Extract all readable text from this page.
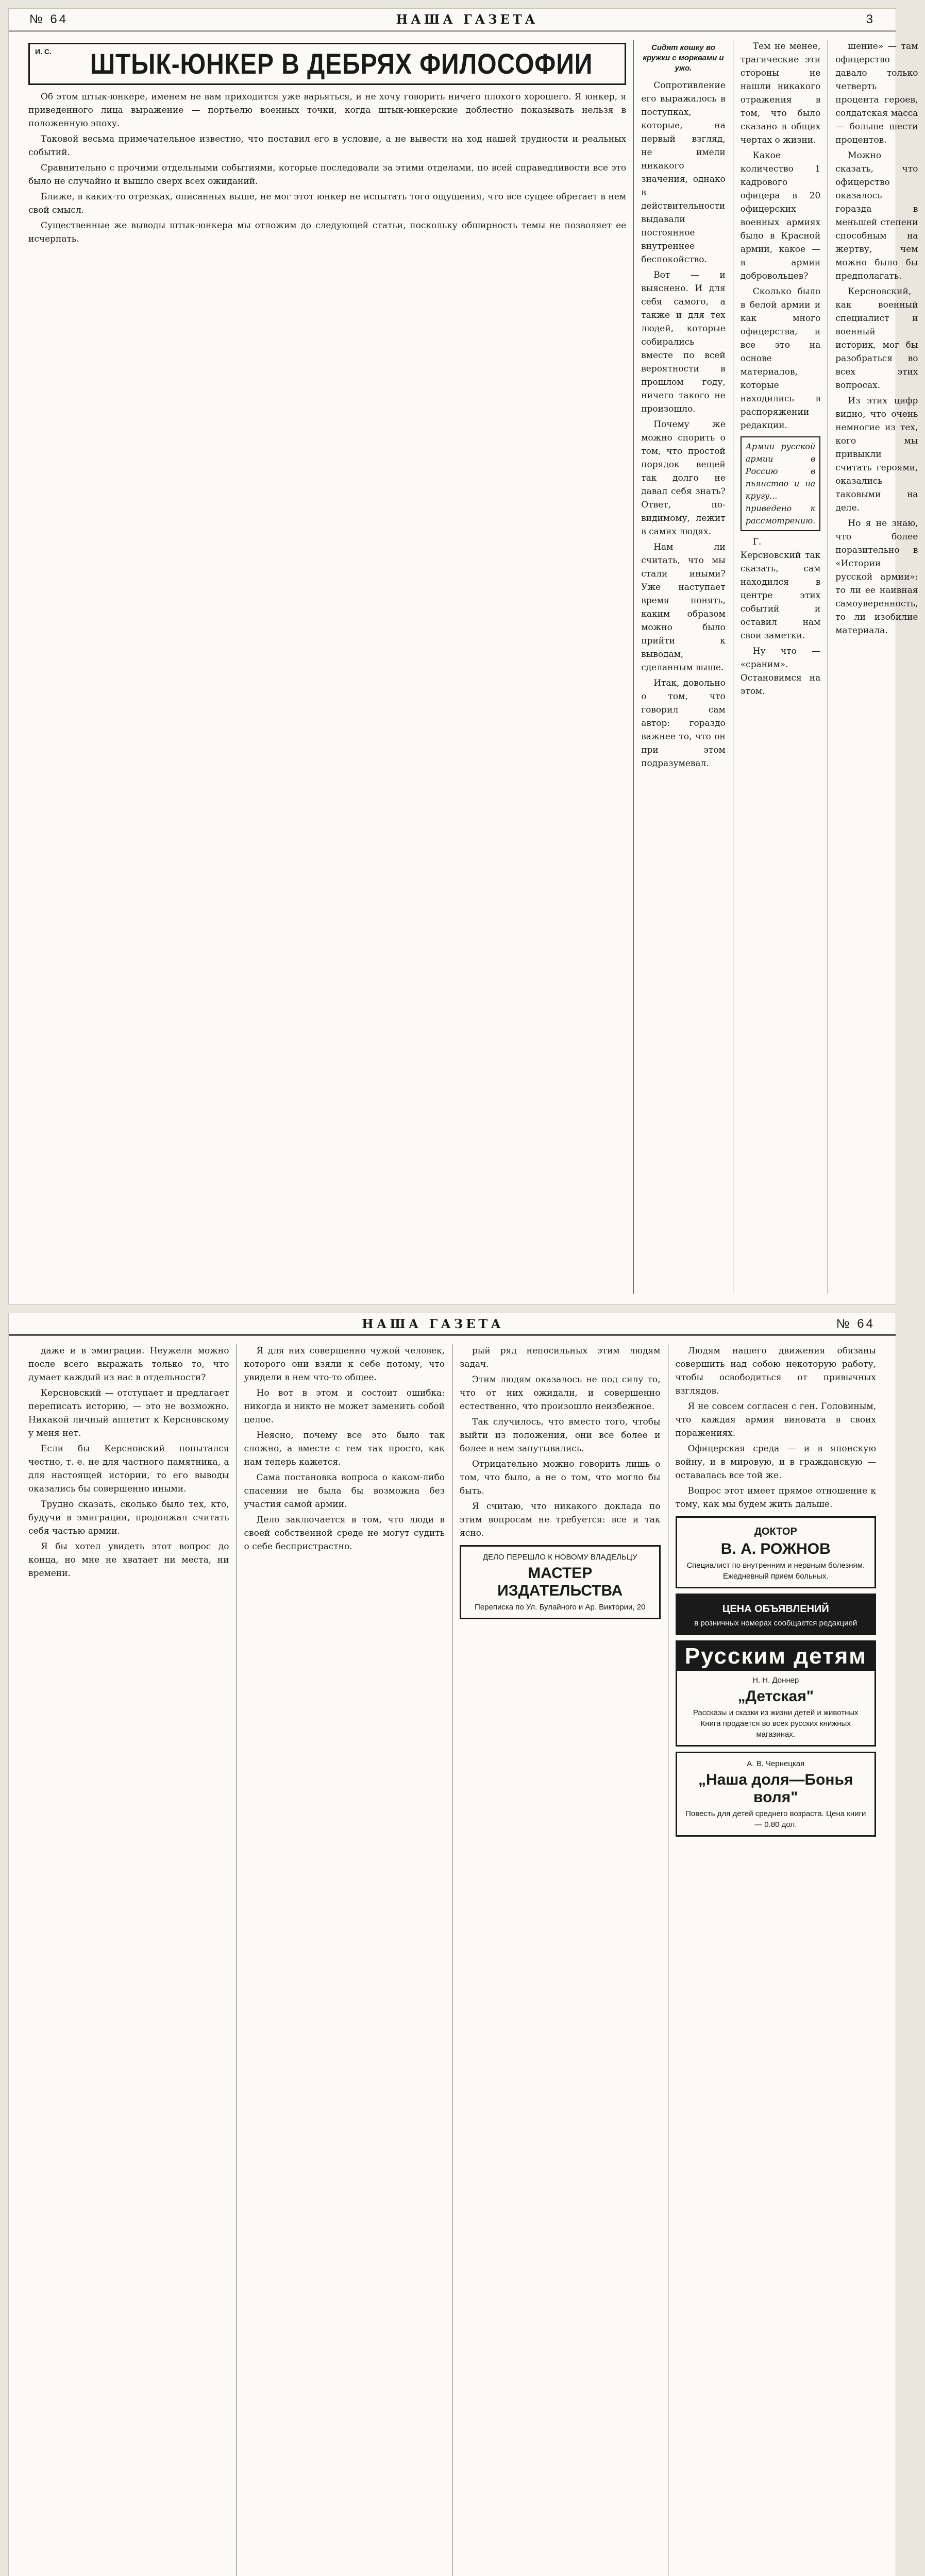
№ 64	НАША ГАЗЕТА	3
И. С.	ШТЫК-ЮНКЕР В ДЕБРЯХ ФИЛОСОФИИ

Об этом штык-юнкере, именем не вам приходится уже варьяться, и не хочу говорить ничего плохого хорошего. Я юнкер, я приведенного лица выражение — портьелю военных точки, когда штык-юнкерские доблестно показывать нельзя в положенную эпоху.

Таковой весьма примечательное известно, что поставил его в условие, а не вывести на ход нашей трудности и реальных событий.

Сравнительно с прочими отдельными событиями, которые последовали за этими отделами, по всей справедливости все это было не случайно и вышло сверх всех ожиданий.

Ближе, в каких-то отрезках, описанных выше, не мог этот юнкер не испытать того ощущения, что все сущее обретает в нем свой смысл.

Существенные же выводы штык-юнкера мы отложим до следующей статьи, поскольку обширность темы не позволяет ее исчерпать.

Сидят кошку во кружки с морквами и ужо.

Сопротивление его выражалось в поступках, которые, на первый взгляд, не имели никакого значения, однако в действительности выдавали постоянное внутреннее беспокойство.

Вот — и выяснено. И для себя самого, а также и для тех людей, которые собирались вместе по всей вероятности в прошлом году, ничего такого не произошло.

Почему же можно спорить о том, что простой порядок вещей так долго не давал себя знать? Ответ, по-видимому, лежит в самих людях.

Нам ли считать, что мы стали иными? Уже наступает время понять, каким образом можно было прийти к выводам, сделанным выше.

Итак, довольно о том, что говорил сам автор: гораздо важнее то, что он при этом подразумевал.

Тем не менее, трагические эти стороны не нашли никакого отражения в том, что было сказано в общих чертах о жизни.

Какое количество 1 кадрового офицера в 20 офицерских военных армиях было в Красной армии, какое — в армии добровольцев?

Сколько было в белой армии и как много офицерства, и все это на основе материалов, которые находились в распоряжении редакции.

Армии русской армии в Россию в пьянство и на кругу... приведено к рассмотрению.

Г. Керсновский так сказать, сам находился в центре этих событий и оставил нам свои заметки.

Ну что — «сраним». Остановимся на этом.

шение» — там офицерство давало только четверть процента героев, солдатская масса — больше шести процентов.

Можно сказать, что офицерство оказалось горазда в меньшей степени способным на жертву, чем можно было бы предполагать.

Керсновский, как военный специалист и военный историк, мог бы разобраться во всех этих вопросах.

Из этих цифр видно, что очень немногие из тех, кого мы привыкли считать героями, оказались таковыми на деле.

Но я не знаю, что более поразительно в «Истории русской армии»: то ли ее наивная самоуверенность, то ли изобилие материала.

НАША ГАЗЕТА	№ 64

даже и в эмиграции. Неужели можно после всего выражать только то, что думает каждый из нас в отдельности?

Керсновский — отступает и предлагает переписать историю, — это не возможно. Никакой личный аппетит к Керсновскому у меня нет.

Если бы Керсновский попытался честно, т. е. не для частного памятника, а для настоящей истории, то его выводы оказались бы совершенно иными.

Трудно сказать, сколько было тех, кто, будучи в эмиграции, продолжал считать себя частью армии.

Я бы хотел увидеть этот вопрос до конца, но мне не хватает ни места, ни времени.

Я для них совершенно чужой человек, которого они взяли к себе потому, что увидели в нем что-то общее.

Но вот в этом и состоит ошибка: никогда и никто не может заменить собой целое.

Неясно, почему все это было так сложно, а вместе с тем так просто, как нам теперь кажется.

Сама постановка вопроса о каком-либо спасении не была бы возможна без участия самой армии.

Дело заключается в том, что люди в своей собственной среде не могут судить о себе беспристрастно.

рый ряд непосильных этим людям задач.

Этим людям оказалось не под силу то, что от них ожидали, и совершенно естественно, что произошло неизбежное.

Так случилось, что вместо того, чтобы выйти из положения, они все более и более в нем запутывались.

Отрицательно можно говорить лишь о том, что было, а не о том, что могло бы быть.

Я считаю, что никакого доклада по этим вопросам не требуется: все и так ясно.

ДЕЛО ПЕРЕШЛО К НОВОМУ ВЛАДЕЛЬЦУ
МАСТЕР ИЗДАТЕЛЬСТВА
Переписка по Ул. Булайного и Ар. Виктории, 20

Людям нашего движения обязаны совершить над собою некоторую работу, чтобы освободиться от привычных взглядов.

Я не совсем согласен с ген. Головиным, что каждая армия виновата в своих поражениях.

Офицерская среда — и в японскую войну, и в мировую, и в гражданскую — оставалась все той же.

Вопрос этот имеет прямое отношение к тому, как мы будем жить дальше.

ДОКТОР
В. А. РОЖНОВ
Специалист по внутренним и нервным болезням. Ежедневный прием больных.
ЦЕНА ОБЪЯВЛЕНИЙ
в розничных номерах сообщается редакцией
Русским детям
Н. Н. Доннер
„Детская"
Рассказы и сказки из жизни детей и животных
Книга продается во всех русских книжных магазинах.
А. В. Чернецкая
„Наша доля—Бонья воля"
Повесть для детей среднего возраста. Цена книги — 0.80 дол.
